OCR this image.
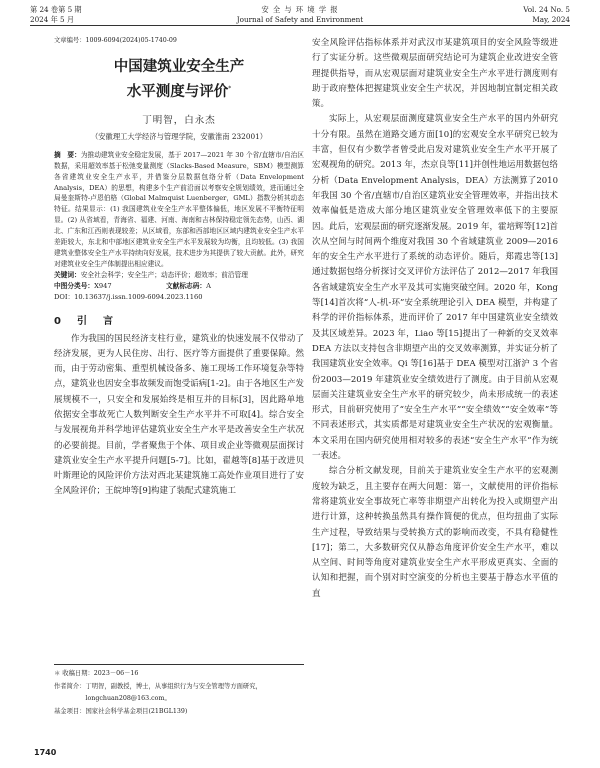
第 24 卷第 5 期
2024 年 5 月
安 全 与 环 境 学 报
Journal of Safety and Environment
Vol. 24 No. 5
May, 2024
文章编号：1009-6094(2024)05-1740-09
中国建筑业安全生产
水平测度与评价*
丁明智，白永杰
（安徽理工大学经济与管理学院，安徽淮南 232001）
摘　要：为推动建筑业安全稳定发展，基于 2017—2021 年 30 个省/直辖市/自治区数据，采用超效率基于松弛变量测度（Slacks-Based Measure，SBM）模型测算各省建筑业安全生产水平，并借鉴分层数据包络分析（Data Envelopment Analysis，DEA）的思想，构建多个生产前沿面以考察安全规划绩效，进而通过全局曼奎斯特-卢恩伯格（Global Malmquist Luenberger，GML）指数分析其动态特征。结果显示：(1) 我国建筑业安全生产水平整体偏低，地区发展不平衡特征明显。(2) 从省域看，青海省、福建、河南、海南和吉林保持稳定领先态势，山西、湖北、广东和江西则表现较差；从区域看，东部和西部地区区域内建筑业安全生产水平差距较大，东北和中部地区建筑业安全生产水平发展较为均衡，且均较低。(3) 我国建筑业整体安全生产水平持续向好发展，技术进步为其提供了较大贡献。此外，研究对建筑业安全生产体制提出相应建议。
关键词：安全社会科学；安全生产；动态评价；超效率；前沿管理
中图分类号：X947	文献标志码：A
DOI：10.13637/j.issn.1009-6094.2023.1160
0　引　言

作为我国的国民经济支柱行业，建筑业的快速发展不仅带动了经济发展，更为人民住房、出行、医疗等方面提供了重要保障。然而，由于劳动密集、重型机械设备多、施工现场工作环境复杂等特点，建筑业也因安全事故频发而饱受诟病[1-2]。由于各地区生产发展规模不一，只安全和发展始终是相互并的目标[3]，因此路单地依据安全事故死亡人数判断安全生产水平并不可取[4]。综合安全与发展视角并科学地评估建筑业安全生产水平是改善安全生产状况的必要前提。目前，学者聚焦于个体、项目或企业等微观层面探讨建筑业安全生产水平提升问题[5-7]。比如，翟越等[8]基于改进贝叶斯理论的风险评价方法对西北某建筑施工高处作业项目进行了安全风险评价；王皖坤等[9]构建了装配式建筑施工

＊ 收稿日期： 2023－06－16
作者简介： 丁明智，副教授，博士，从事组织行为与安全管理等方面研究，longchuan208@163.com。
基金项目： 国家社会科学基金项目(21BGL139)

安全风险评估指标体系并对武汉市某建筑项目的安全风险等级进行了实证分析。这些微观层面研究结论可为建筑企业改进安全管理提供指导，而从宏观层面对建筑业安全生产水平进行测度则有助于政府整体把握建筑业安全生产状况，并因地制宜制定相关政策。

实际上，从宏观层面测度建筑业安全生产水平的国内外研究十分有限。虽然在道路交通方面[10]的宏观安全水平研究已较为丰富，但仅有少数学者曾受此启发对建筑业安全生产水平开展了宏观视角的研究。2013 年，杰京良等[11]并创性地运用数据包络分析（Data Envelopment Analysis，DEA）方法测算了2010 年我国 30 个省/直辖市/自治区建筑业安全管理效率，并指出技术效率偏低是造成大部分地区建筑业安全管理效率低下的主要原因。此后，宏观层面的研究逐渐发展。2019 年，霍培辉等[12]首次从空间与时间两个维度对我国 30 个省域建筑业 2009—2016 年的安全生产水平进行了系统的动态评价。随后，郑霞忠等[13]通过数据包络分析探讨交叉评价方法评估了 2012—2017 年我国各省域建筑安全生产水平及其可实施突破空间。2020 年，Kong 等[14]首次将“人-机-环”安全系统理论引入 DEA 模型，并构建了科学的评价指标体系，进而评价了 2017 年中国建筑业安全绩效及其区域差异。2023 年，Liao 等[15]提出了一种新的交叉效率 DEA 方法以支持包含非期望产出的交叉效率测算，并实证分析了我国建筑业安全效率。Qi 等[16]基于 DEA 模型对江浙沪 3 个省份2003—2019 年建筑业安全绩效进行了测度。由于目前从宏观层面关注建筑业安全生产水平的研究较少，尚未形成统一的表述形式，目前研究使用了“安全生产水平”“安全绩效”“安全效率”等不同表述形式，其实质都是对建筑业安全生产状况的宏观衡量。本文采用在国内研究使用相对较多的表述“安全生产水平”作为统一表述。

综合分析文献发现，目前关于建筑业安全生产水平的宏观测度较为缺乏，且主要存在两大问题：第一，文献使用的评价指标常将建筑业安全事故死亡率等非期望产出转化为投入或期望产出进行计算，这种转换虽然具有操作简便的优点，但均扭曲了实际生产过程，导致结果与受转换方式的影响而改变，不具有稳健性[17]；第二，大多数研究仅从静态角度评价安全生产水平，难以从空间、时间等角度对建筑业安全生产水平形成更真实、全面的认知和把握，而个别对时空演变的分析也主要基于静态水平值的直

1740
